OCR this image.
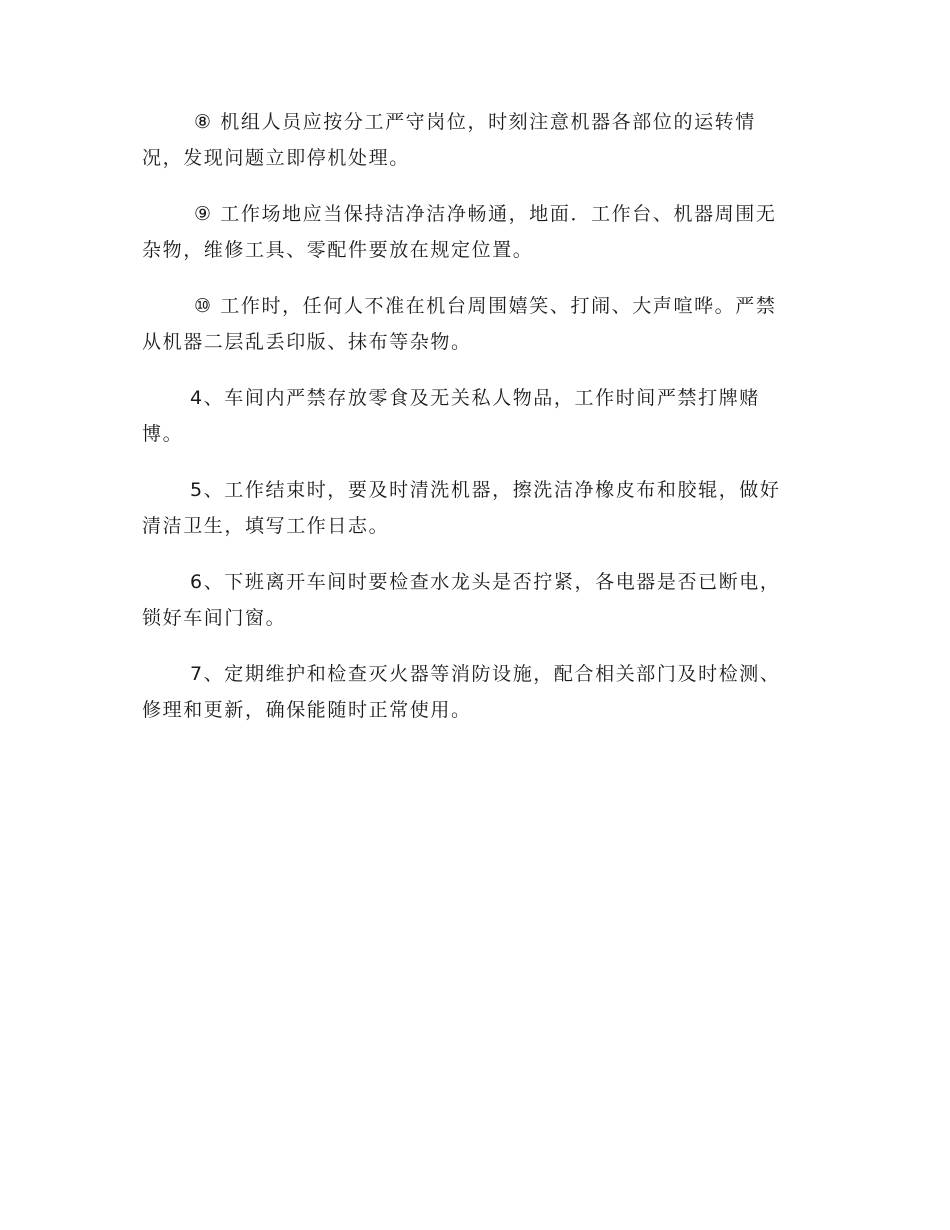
⑧ 机组人员应按分工严守岗位，时刻注意机器各部位的运转情
况，发现问题立即停机处理。

⑨ 工作场地应当保持洁净洁净畅通，地面．工作台、机器周围无
杂物，维修工具、零配件要放在规定位置。

⑩ 工作时，任何人不准在机台周围嬉笑、打闹、大声喧哗。严禁
从机器二层乱丢印版、抹布等杂物。

4、车间内严禁存放零食及无关私人物品，工作时间严禁打牌赌
博。

5、工作结束时，要及时清洗机器，擦洗洁净橡皮布和胶辊，做好
清洁卫生，填写工作日志。

6、下班离开车间时要检查水龙头是否拧紧，各电器是否已断电，
锁好车间门窗。

7、定期维护和检查灭火器等消防设施，配合相关部门及时检测、
修理和更新，确保能随时正常使用。
